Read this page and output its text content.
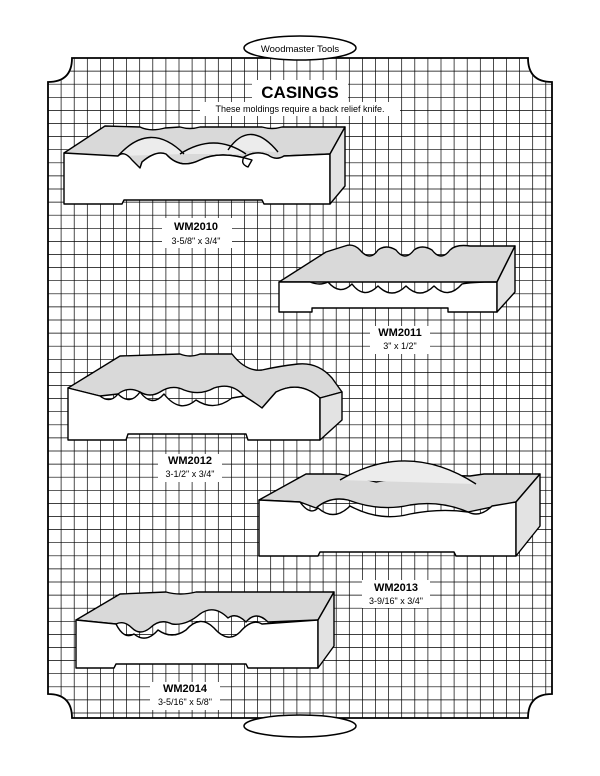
Woodmaster Tools
CASINGS
These moldings require a back relief knife.
WM2010
3-5/8" x 3/4"
WM2011
3" x 1/2"
WM2012
3-1/2" x 3/4"
WM2013
3-9/16" x 3/4"
WM2014
3-5/16" x 5/8"
